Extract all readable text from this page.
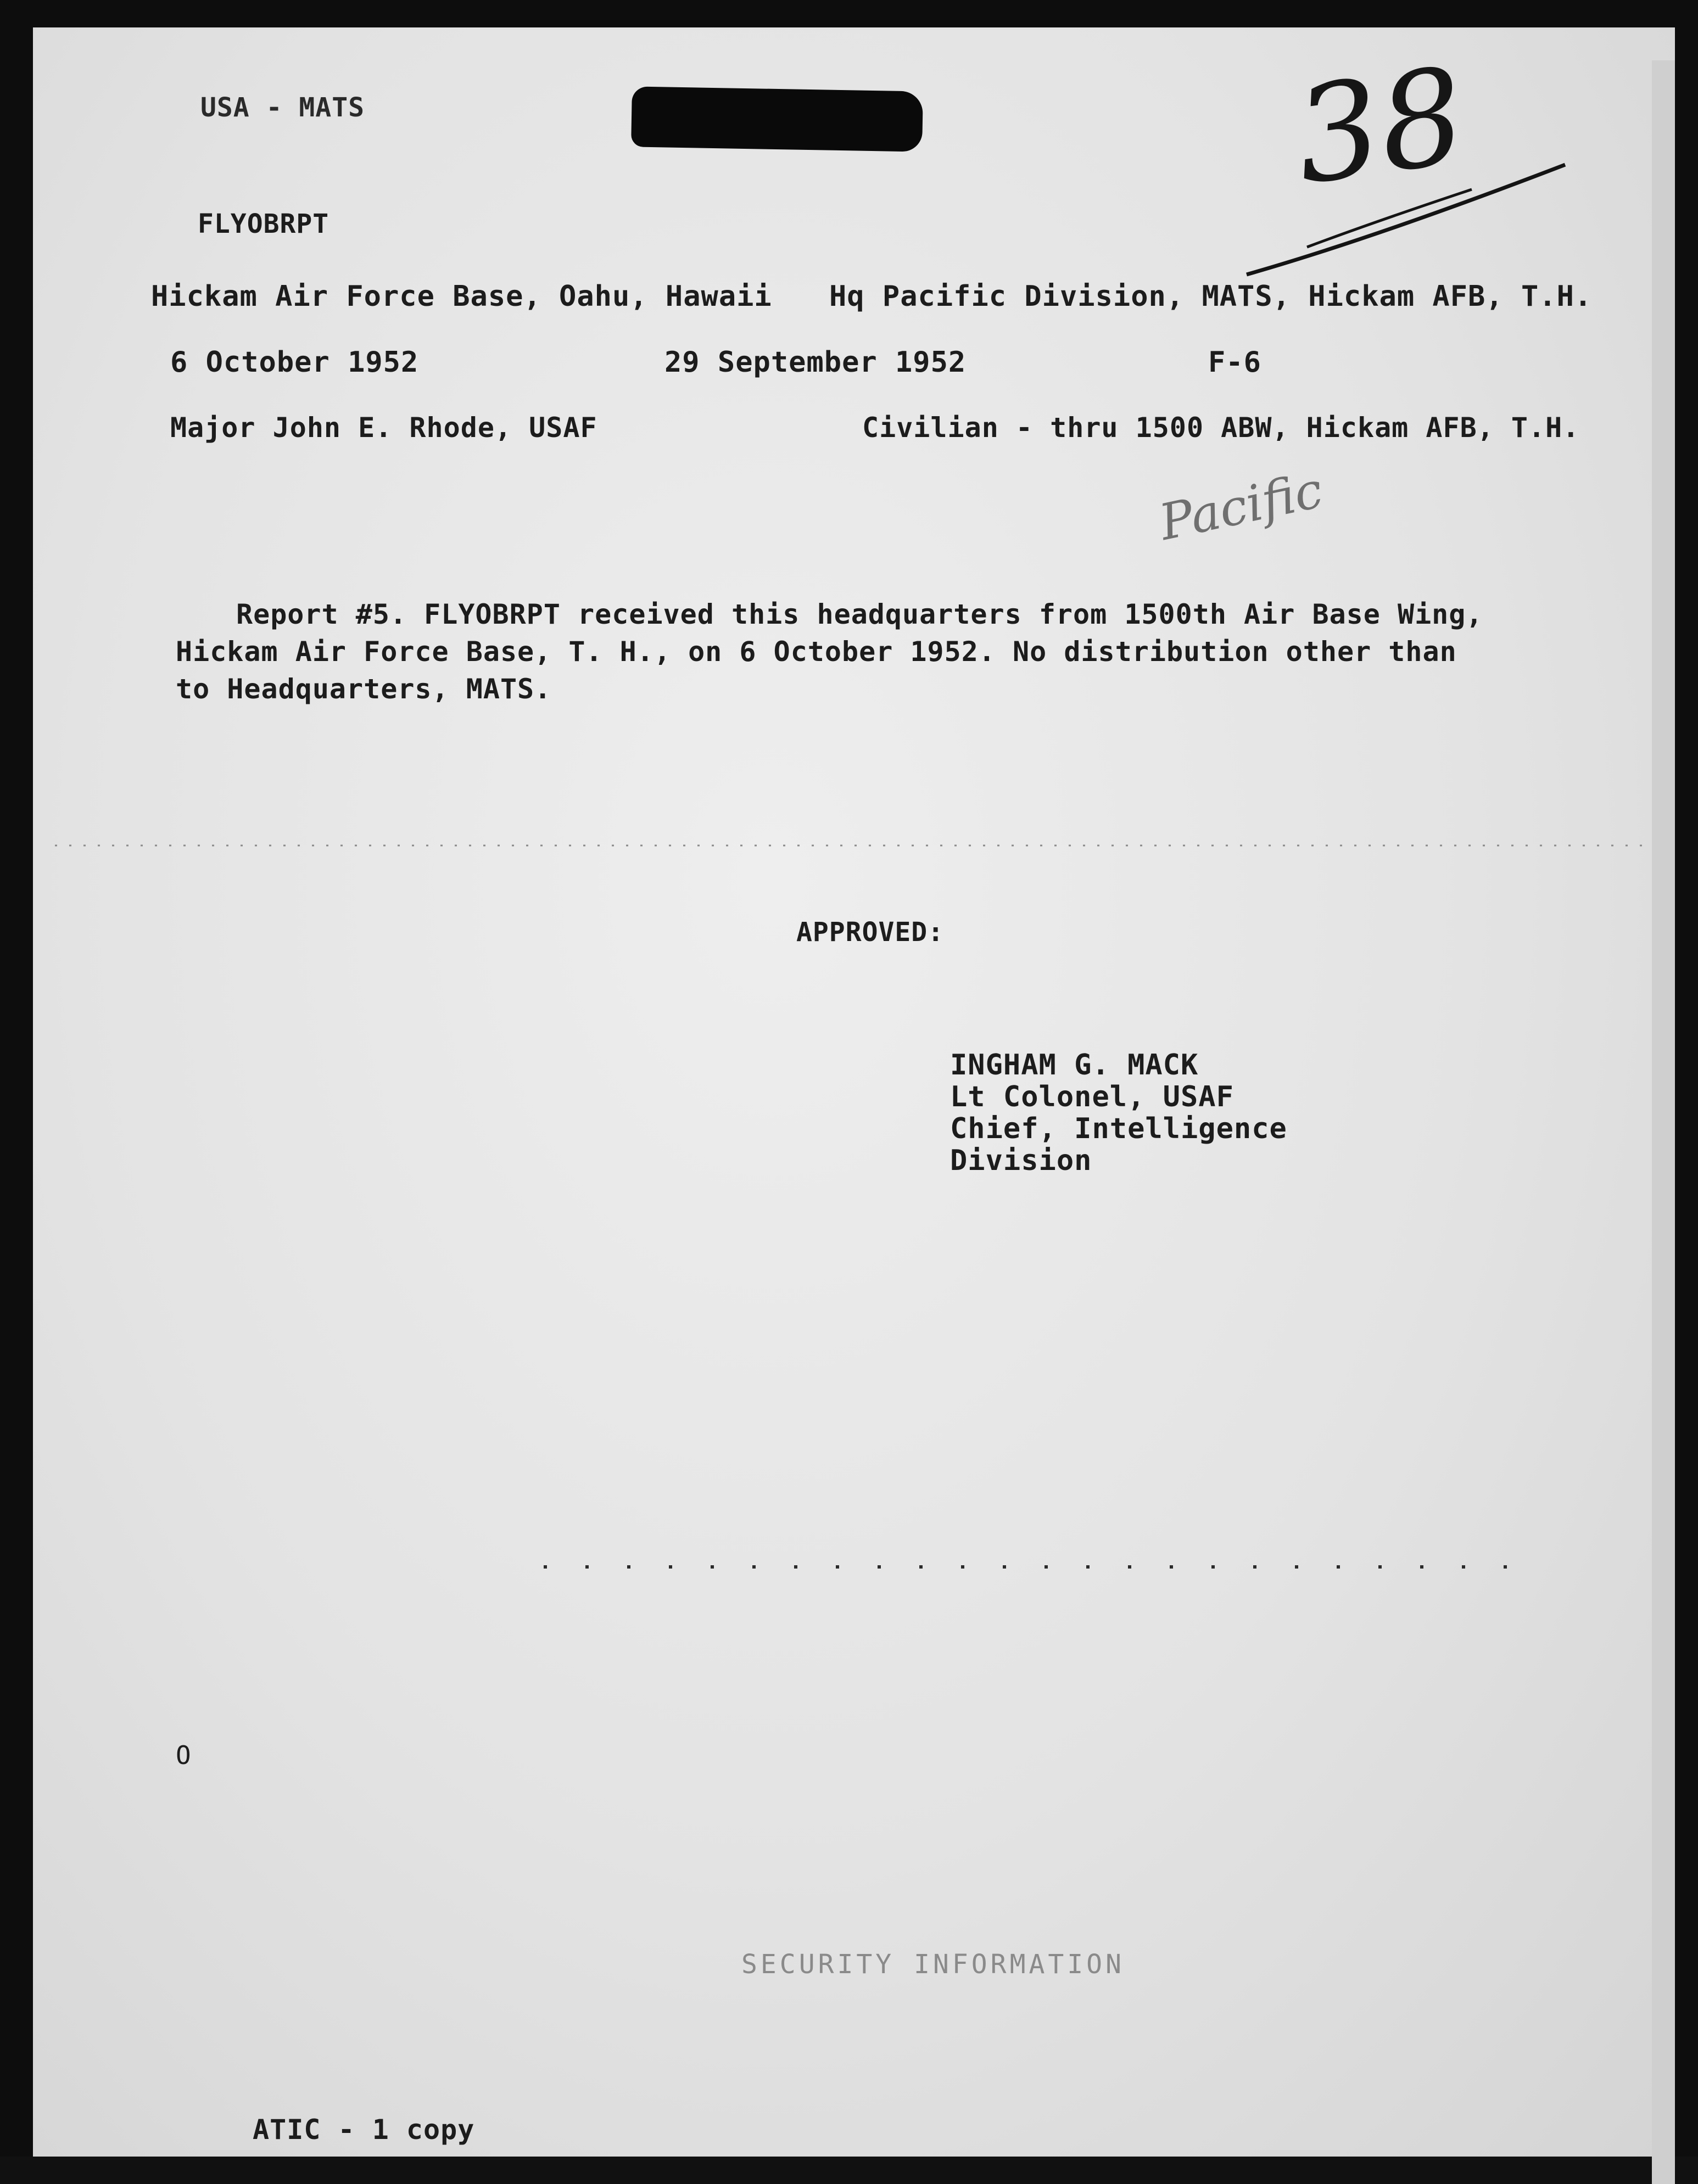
USA - MATS	38
FLYOBRPT
Hickam Air Force Base, Oahu, Hawaii Hq Pacific Division, MATS, Hickam AFB, T.H.
6 October 1952	29 September 1952	F-6
Major John E. Rhode, USAF	Civilian - thru 1500 ABW, Hickam AFB, T.H.
Pacific
Report #5. FLYOBRPT received this headquarters from 1500th Air Base Wing,
Hickam Air Force Base, T. H., on 6 October 1952. No distribution other than
to Headquarters, MATS.
APPROVED:
INGHAM G. MACK
Lt Colonel, USAF
Chief, Intelligence
Division
O
SECURITY INFORMATION
ATIC - 1 copy
